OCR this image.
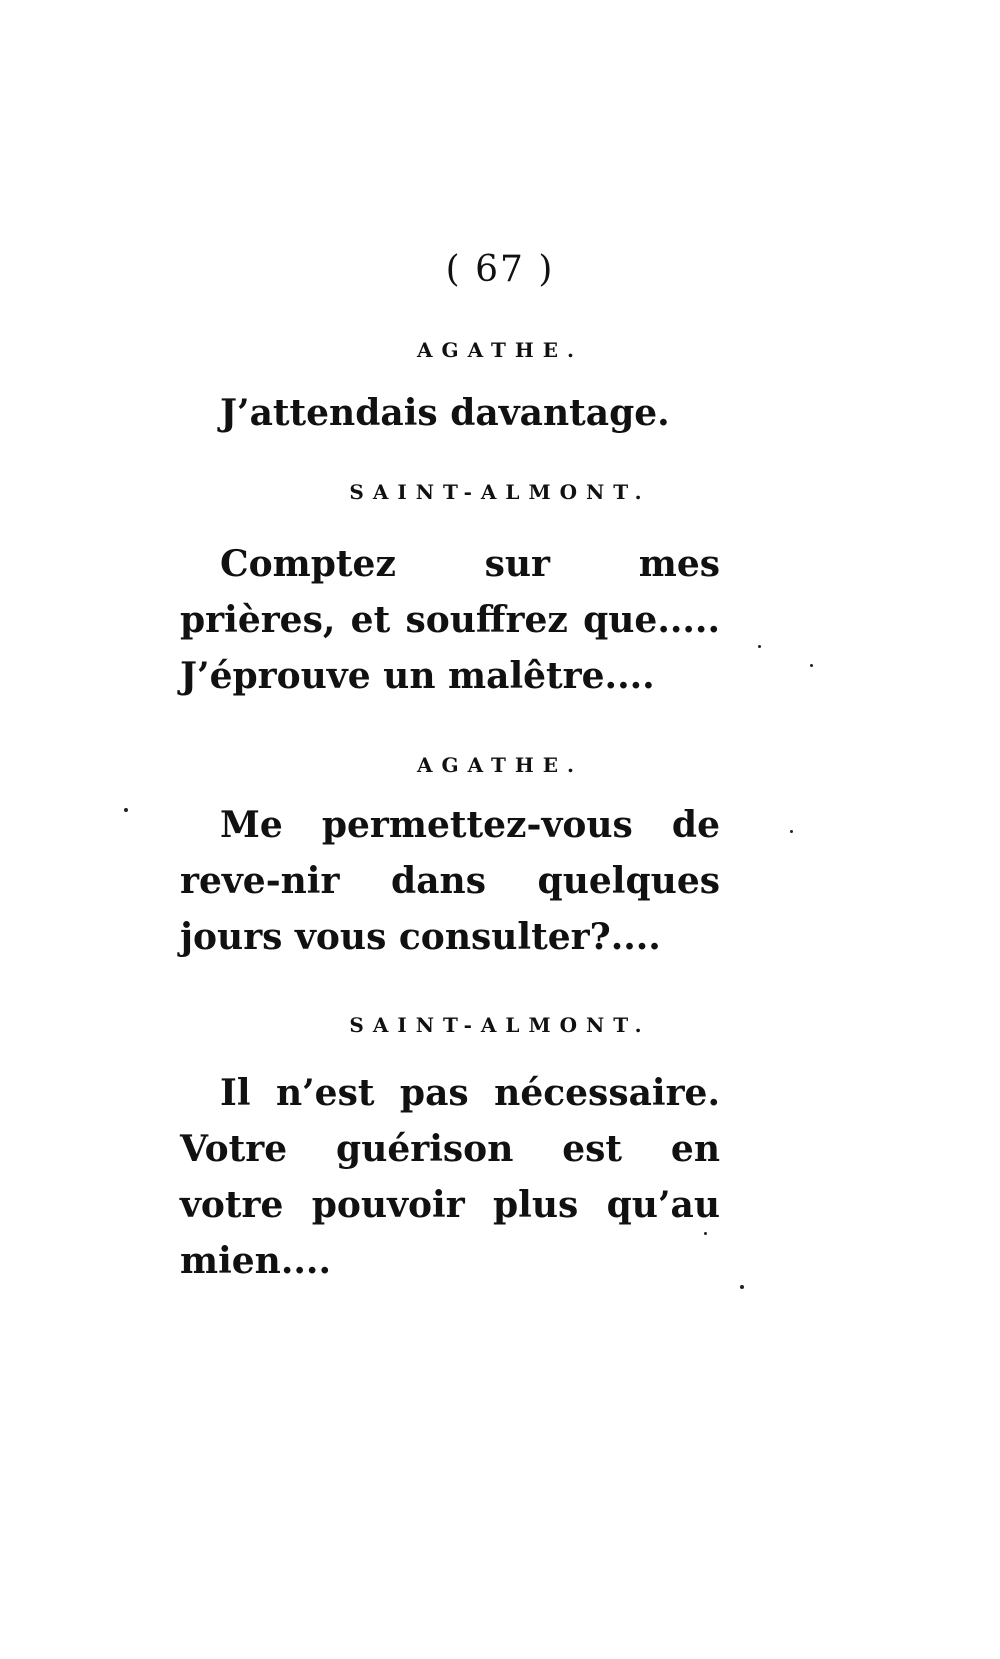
( 67 )
AGATHE.

J’attendais davantage.

SAINT-ALMONT.

Comptez sur mes prières, et souffrez que..... J’éprouve un malêtre....

AGATHE.

Me permettez-vous de reve-nir dans quelques jours vous consulter?....

SAINT-ALMONT.

Il n’est pas nécessaire. Votre guérison est en votre pouvoir plus qu’au mien....
